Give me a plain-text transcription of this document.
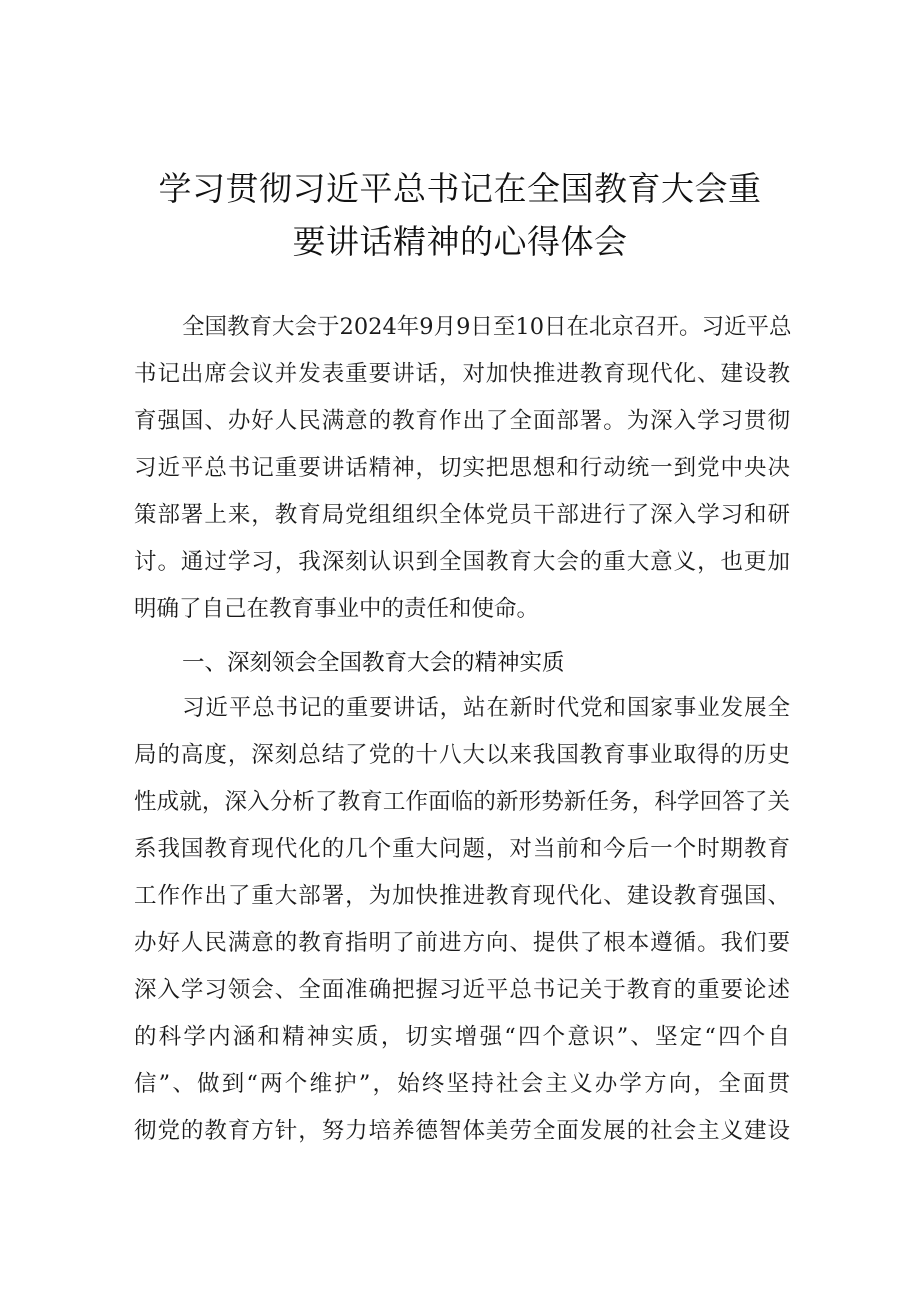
学习贯彻习近平总书记在全国教育大会重
要讲话精神的心得体会
全国教育大会于2024年9月9日至10日在北京召开。习近平总
书记出席会议并发表重要讲话，对加快推进教育现代化、建设教
育强国、办好人民满意的教育作出了全面部署。为深入学习贯彻
习近平总书记重要讲话精神，切实把思想和行动统一到党中央决
策部署上来，教育局党组组织全体党员干部进行了深入学习和研
讨。通过学习，我深刻认识到全国教育大会的重大意义，也更加
明确了自己在教育事业中的责任和使命。
一、深刻领会全国教育大会的精神实质
习近平总书记的重要讲话，站在新时代党和国家事业发展全
局的高度，深刻总结了党的十八大以来我国教育事业取得的历史
性成就，深入分析了教育工作面临的新形势新任务，科学回答了关
系我国教育现代化的几个重大问题，对当前和今后一个时期教育
工作作出了重大部署，为加快推进教育现代化、建设教育强国、
办好人民满意的教育指明了前进方向、提供了根本遵循。我们要
深入学习领会、全面准确把握习近平总书记关于教育的重要论述
的科学内涵和精神实质，切实增强“四个意识”、坚定“四个自
信”、做到“两个维护”，始终坚持社会主义办学方向，全面贯
彻党的教育方针，努力培养德智体美劳全面发展的社会主义建设
